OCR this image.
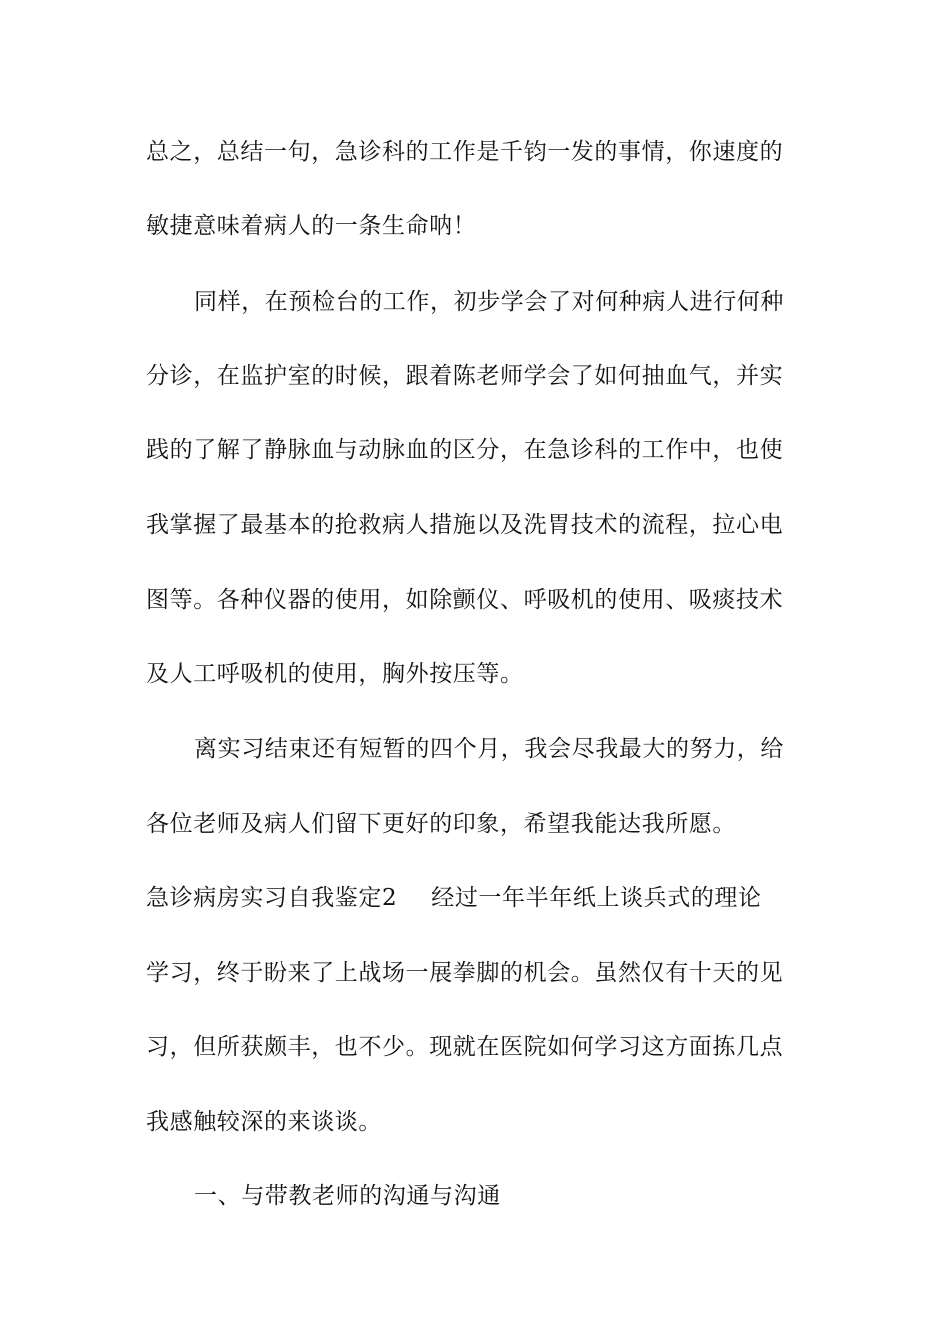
总之，总结一句，急诊科的工作是千钧一发的事情，你速度的
敏捷意味着病人的一条生命呐！
同样，在预检台的工作，初步学会了对何种病人进行何种
分诊，在监护室的时候，跟着陈老师学会了如何抽血气，并实
践的了解了静脉血与动脉血的区分，在急诊科的工作中，也使
我掌握了最基本的抢救病人措施以及洗胃技术的流程，拉心电
图等。各种仪器的使用，如除颤仪、呼吸机的使用、吸痰技术
及人工呼吸机的使用，胸外按压等。
离实习结束还有短暂的四个月，我会尽我最大的努力，给
各位老师及病人们留下更好的印象，希望我能达我所愿。
急诊病房实习自我鉴定2 经过一年半年纸上谈兵式的理论
学习，终于盼来了上战场一展拳脚的机会。虽然仅有十天的见
习，但所获颇丰，也不少。现就在医院如何学习这方面拣几点
我感触较深的来谈谈。
一、与带教老师的沟通与沟通
